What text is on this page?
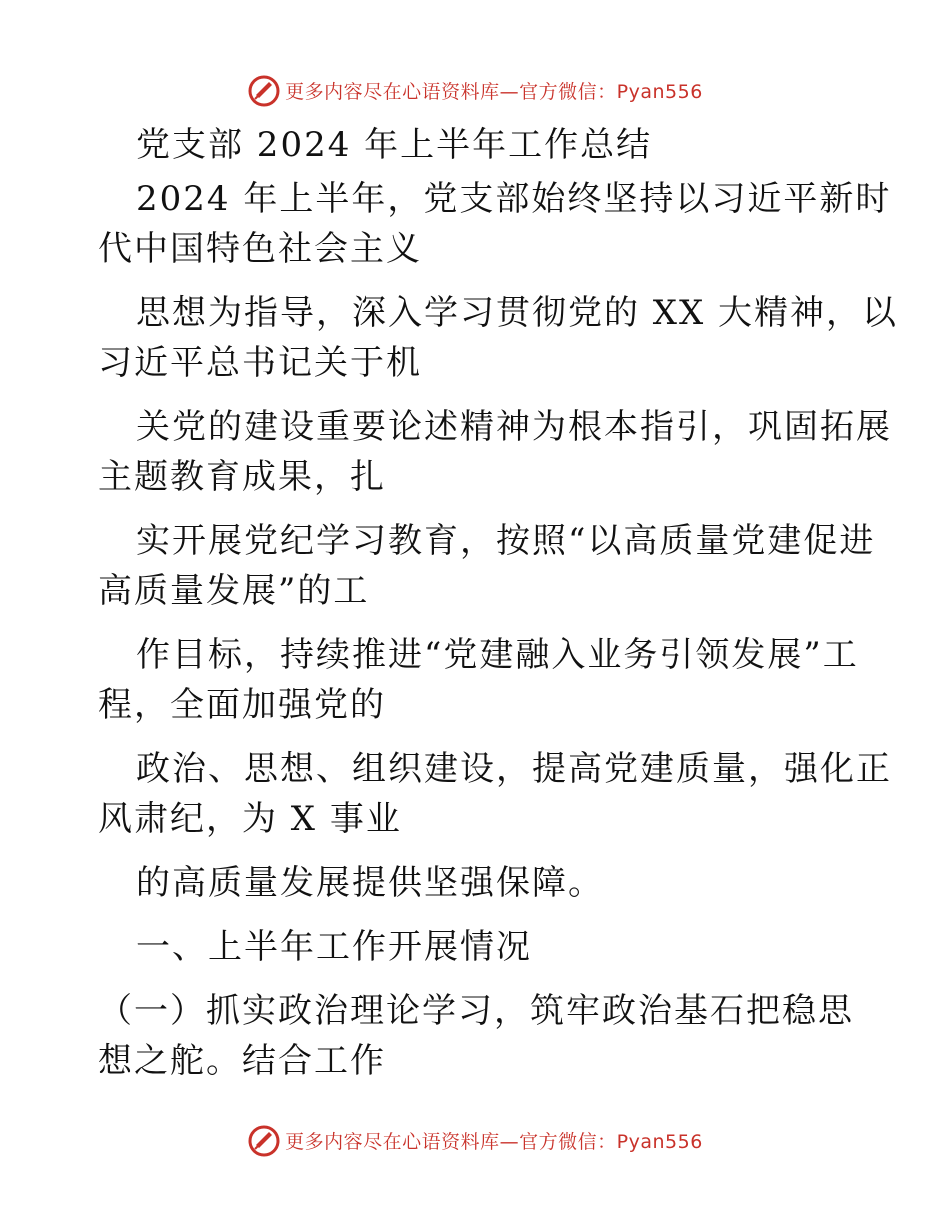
更多内容尽在心语资料库—官方微信：Pyan556

党支部 2024 年上半年工作总结

2024 年上半年，党支部始终坚持以习近平新时

代中国特色社会主义

思想为指导，深入学习贯彻党的 XX 大精神，以

习近平总书记关于机

关党的建设重要论述精神为根本指引，巩固拓展

主题教育成果，扎

实开展党纪学习教育，按照“以高质量党建促进

高质量发展”的工

作目标，持续推进“党建融入业务引领发展”工

程，全面加强党的

政治、思想、组织建设，提高党建质量，强化正

风肃纪，为 X 事业

的高质量发展提供坚强保障。

一、上半年工作开展情况

（一）抓实政治理论学习，筑牢政治基石把稳思

想之舵。结合工作

更多内容尽在心语资料库—官方微信：Pyan556
